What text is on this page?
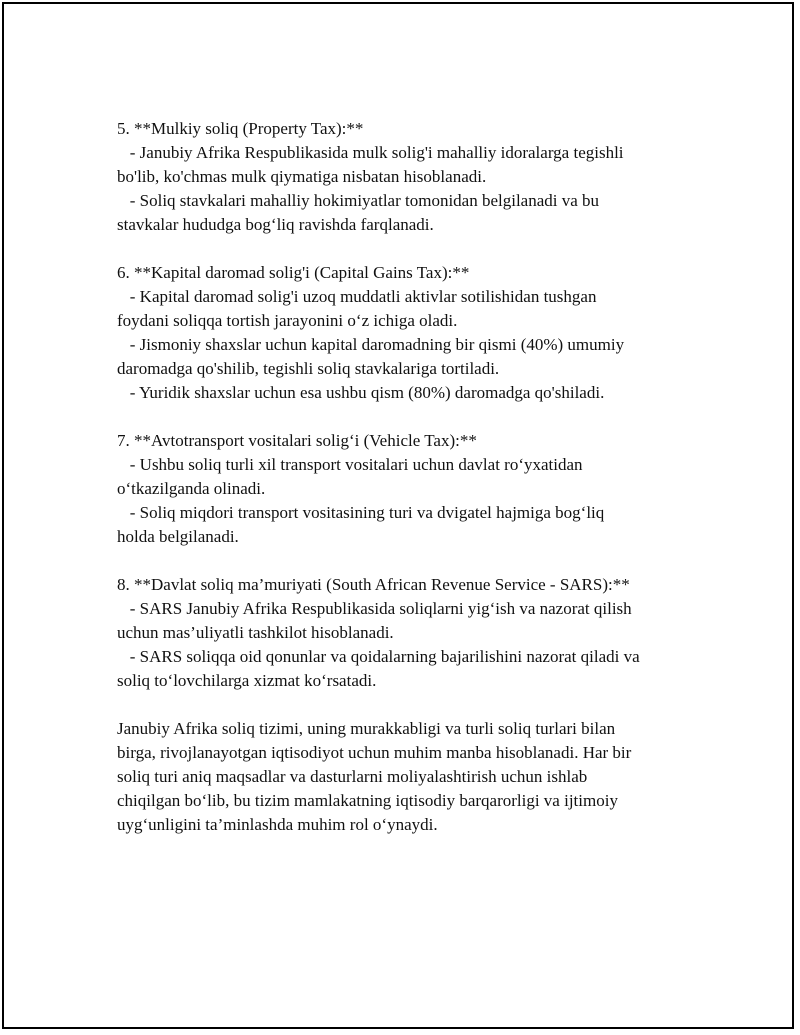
5. **Mulkiy soliq (Property Tax):**
- Janubiy Afrika Respublikasida mulk solig'i mahalliy idoralarga tegishli
bo'lib, ko'chmas mulk qiymatiga nisbatan hisoblanadi.
- Soliq stavkalari mahalliy hokimiyatlar tomonidan belgilanadi va bu
stavkalar hududga bog‘liq ravishda farqlanadi.
6. **Kapital daromad solig'i (Capital Gains Tax):**
- Kapital daromad solig'i uzoq muddatli aktivlar sotilishidan tushgan
foydani soliqqa tortish jarayonini o‘z ichiga oladi.
- Jismoniy shaxslar uchun kapital daromadning bir qismi (40%) umumiy
daromadga qo'shilib, tegishli soliq stavkalariga tortiladi.
- Yuridik shaxslar uchun esa ushbu qism (80%) daromadga qo'shiladi.
7. **Avtotransport vositalari solig‘i (Vehicle Tax):**
- Ushbu soliq turli xil transport vositalari uchun davlat ro‘yxatidan
o‘tkazilganda olinadi.
- Soliq miqdori transport vositasining turi va dvigatel hajmiga bog‘liq
holda belgilanadi.
8. **Davlat soliq ma’muriyati (South African Revenue Service - SARS):**
- SARS Janubiy Afrika Respublikasida soliqlarni yig‘ish va nazorat qilish
uchun mas’uliyatli tashkilot hisoblanadi.
- SARS soliqqa oid qonunlar va qoidalarning bajarilishini nazorat qiladi va
soliq to‘lovchilarga xizmat ko‘rsatadi.
Janubiy Afrika soliq tizimi, uning murakkabligi va turli soliq turlari bilan
birga, rivojlanayotgan iqtisodiyot uchun muhim manba hisoblanadi. Har bir
soliq turi aniq maqsadlar va dasturlarni moliyalashtirish uchun ishlab
chiqilgan bo‘lib, bu tizim mamlakatning iqtisodiy barqarorligi va ijtimoiy
uyg‘unligini ta’minlashda muhim rol o‘ynaydi.
